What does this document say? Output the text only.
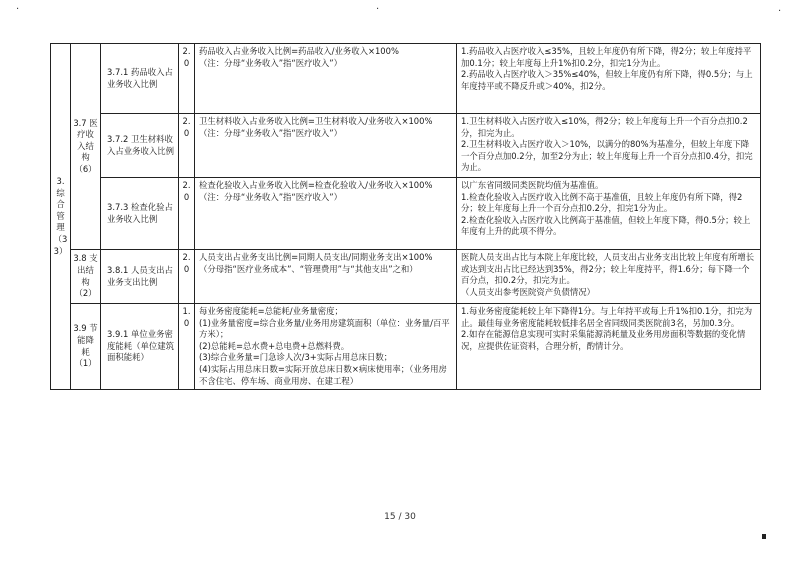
·	·	·
3.综合管理（33）	3.7 医疗收入结构（6）	3.7.1 药品收入占业务收入比例	2.0	药品收入占业务收入比例=药品收入/业务收入×100%
（注：分母“业务收入”指“医疗收入”）	1.药品收入占医疗收入≤35%，且较上年度仍有所下降，得2分；较上年度持平加0.1分；较上年度每上升1%扣0.2分，扣完1分为止。
2.药品收入占医疗收入＞35%≤40%，但较上年度仍有所下降，得0.5分；与上年度持平或不降反升或＞40%，扣2分。

		3.7.2 卫生材料收入占业务收入比例	2.0	卫生材料收入占业务收入比例=卫生材料收入/业务收入×100%
（注：分母“业务收入”指“医疗收入”）	1.卫生材料收入占医疗收入≤10%，得2分；较上年度每上升一个百分点扣0.2分，扣完为止。
2.卫生材料收入占医疗收入＞10%，以满分的80%为基准分，但较上年度下降一个百分点加0.2分，加至2分为止；较上年度每上升一个百分点扣0.4分，扣完为止。

		3.7.3 检查化验占业务收入比例	2.0	检查化验收入占业务收入比例=检查化验收入/业务收入×100%
（注：分母“业务收入”指“医疗收入”）	以广东省同级同类医院均值为基准值。
1.检查化验收入占医疗收入比例不高于基准值，且较上年度仍有所下降，得2分；较上年度每上升一个百分点扣0.2分，扣完1分为止。
2.检查化验收入占医疗收入比例高于基准值，但较上年度下降，得0.5分；较上年度有上升的此项不得分。

	3.8 支出结构（2）	3.8.1 人员支出占业务支出比例	2.0	人员支出占业务支出比例=同期人员支出/同期业务支出×100%
（分母指“医疗业务成本”、“管理费用”与“其他支出”之和）	医院人员支出占比与本院上年度比较，人员支出占业务支出比较上年度有所增长或达到支出占比已经达到35%，得2分；较上年度持平，得1.6分；每下降一个百分点，扣0.2分，扣完为止。
（人员支出参考医院资产负债情况）

	3.9 节能降耗（1）	3.9.1 单位业务密度能耗（单位建筑面积能耗）	1.0	每业务密度能耗=总能耗/业务量密度；
(1)业务量密度=综合业务量/业务用房建筑面积（单位：业务量/百平方米）；
(2)总能耗=总水费+总电费+总燃料费。
(3)综合业务量=门急诊人次/3+实际占用总床日数；
(4)实际占用总床日数=实际开放总床日数×病床使用率；（业务用房不含住宅、停车场、商业用房、在建工程）	1.每业务密度能耗较上年下降得1分。与上年持平或每上升1%扣0.1分，扣完为止。最佳每业务密度能耗较低排名居全省同级同类医院前3名，另加0.3分。
2.如存在能源信息实现可实时采集能源消耗量及业务用房面积等数据的变化情况，应提供佐证资料，合理分析，酌情计分。
15 / 30
